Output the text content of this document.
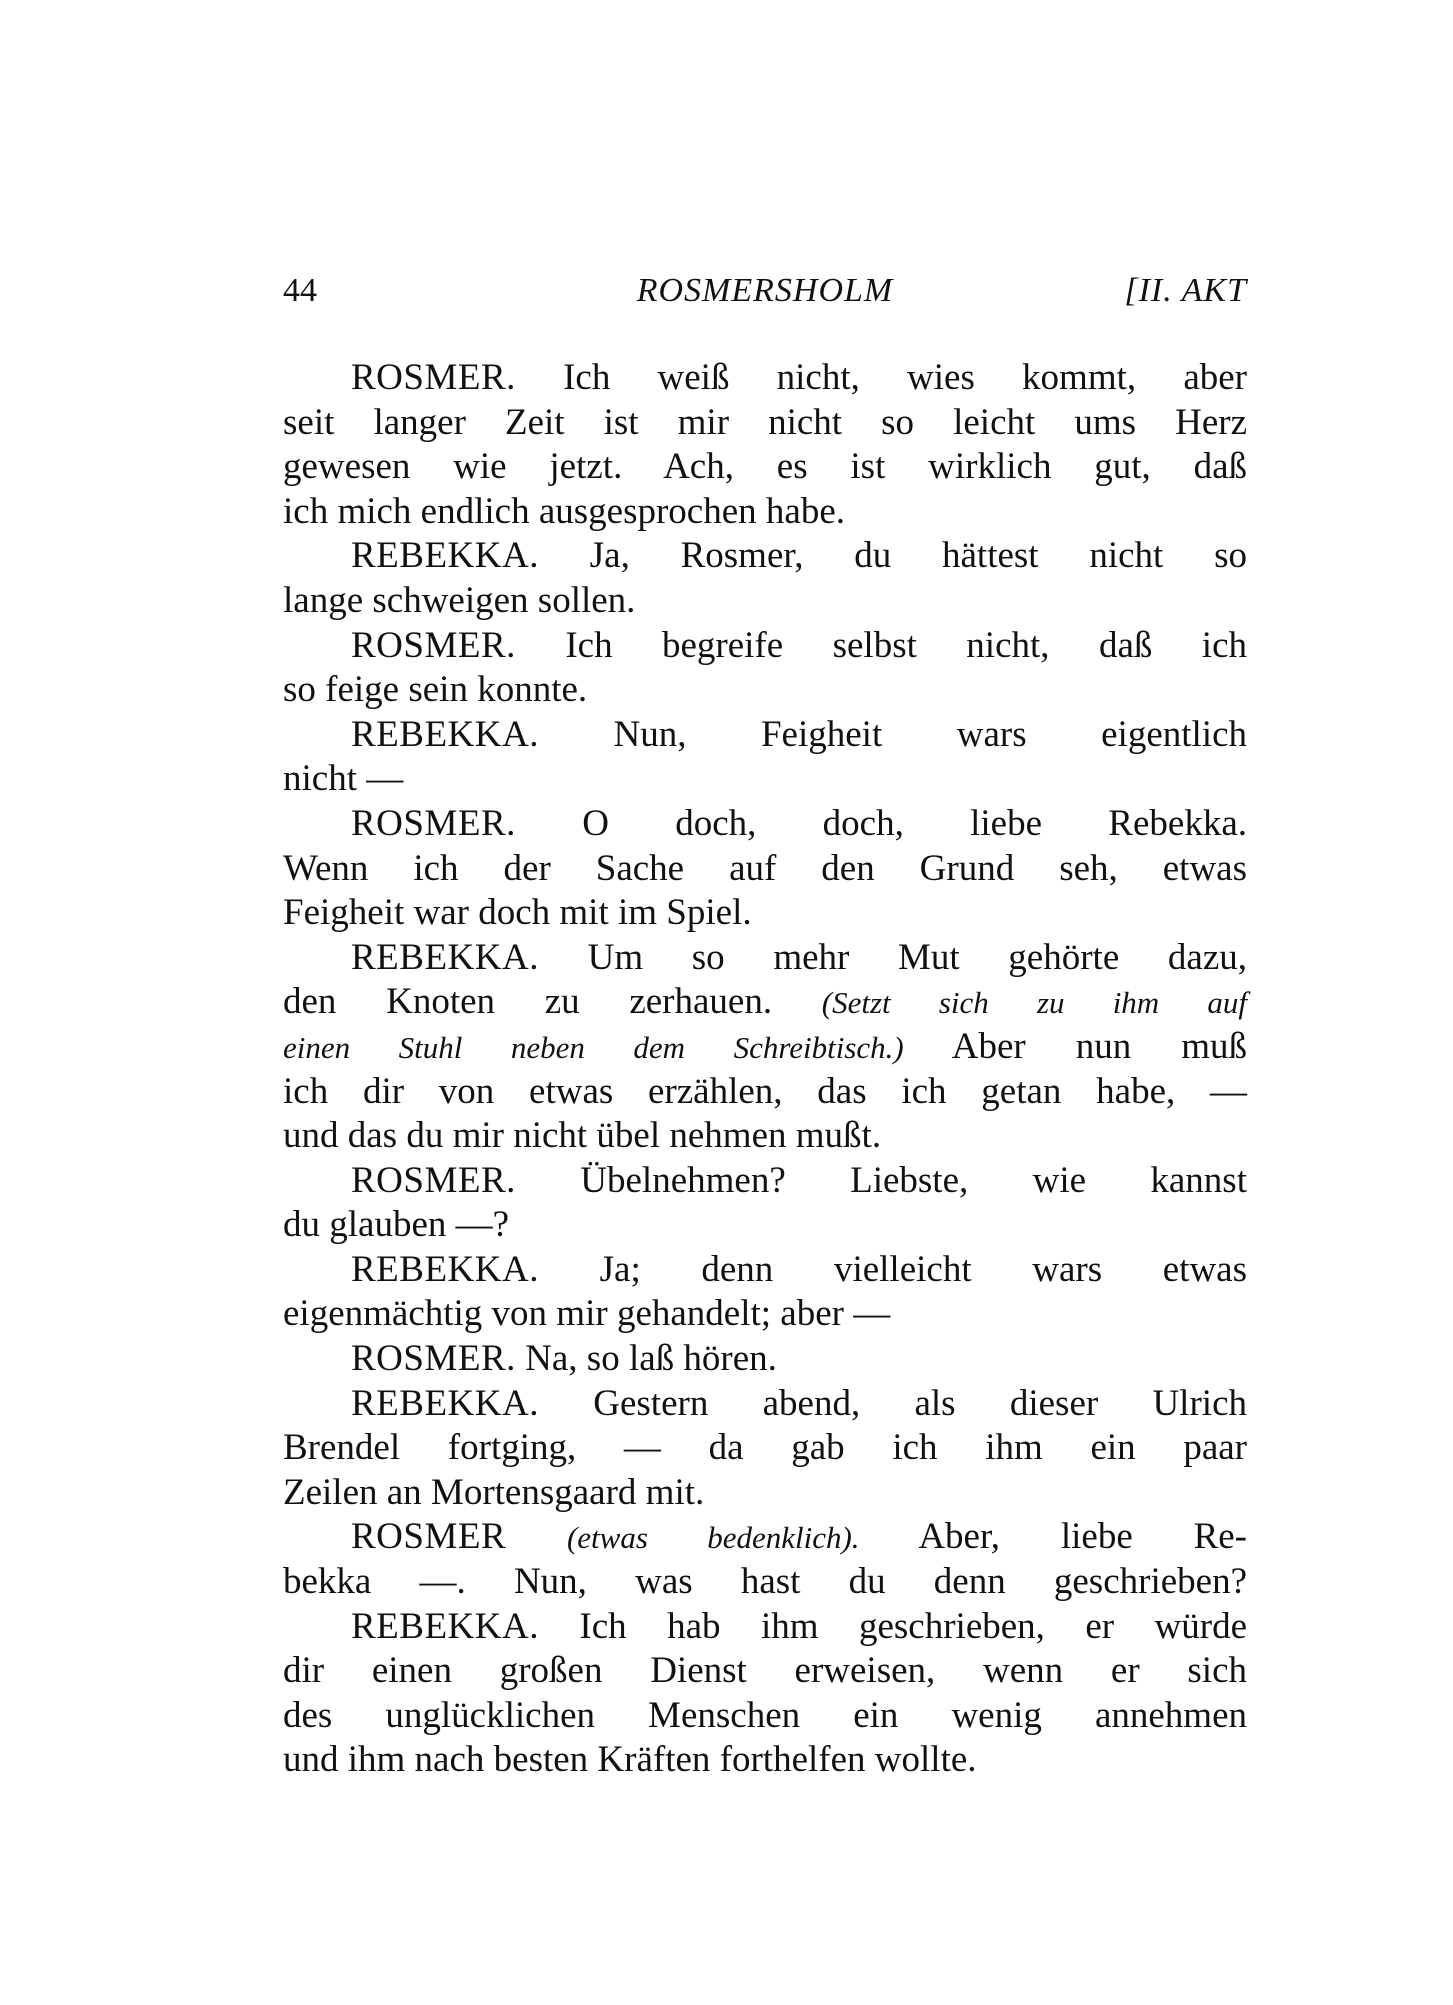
44	ROSMERSHOLM	[II. AKT
ROSMER. Ich weiß nicht, wies kommt, aber
seit langer Zeit ist mir nicht so leicht ums Herz
gewesen wie jetzt. Ach, es ist wirklich gut, daß
ich mich endlich ausgesprochen habe.
REBEKKA. Ja, Rosmer, du hättest nicht so
lange schweigen sollen.
ROSMER. Ich begreife selbst nicht, daß ich
so feige sein konnte.
REBEKKA. Nun, Feigheit wars eigentlich
nicht —
ROSMER. O doch, doch, liebe Rebekka.
Wenn ich der Sache auf den Grund seh, etwas
Feigheit war doch mit im Spiel.
REBEKKA. Um so mehr Mut gehörte dazu,
den Knoten zu zerhauen. (Setzt sich zu ihm auf
einen Stuhl neben dem Schreibtisch.) Aber nun muß
ich dir von etwas erzählen, das ich getan habe, —
und das du mir nicht übel nehmen mußt.
ROSMER. Übelnehmen? Liebste, wie kannst
du glauben —?
REBEKKA. Ja; denn vielleicht wars etwas
eigenmächtig von mir gehandelt; aber —
ROSMER. Na, so laß hören.
REBEKKA. Gestern abend, als dieser Ulrich
Brendel fortging, — da gab ich ihm ein paar
Zeilen an Mortensgaard mit.
ROSMER (etwas bedenklich). Aber, liebe Re-
bekka —. Nun, was hast du denn geschrieben?
REBEKKA. Ich hab ihm geschrieben, er würde
dir einen großen Dienst erweisen, wenn er sich
des unglücklichen Menschen ein wenig annehmen
und ihm nach besten Kräften forthelfen wollte.
